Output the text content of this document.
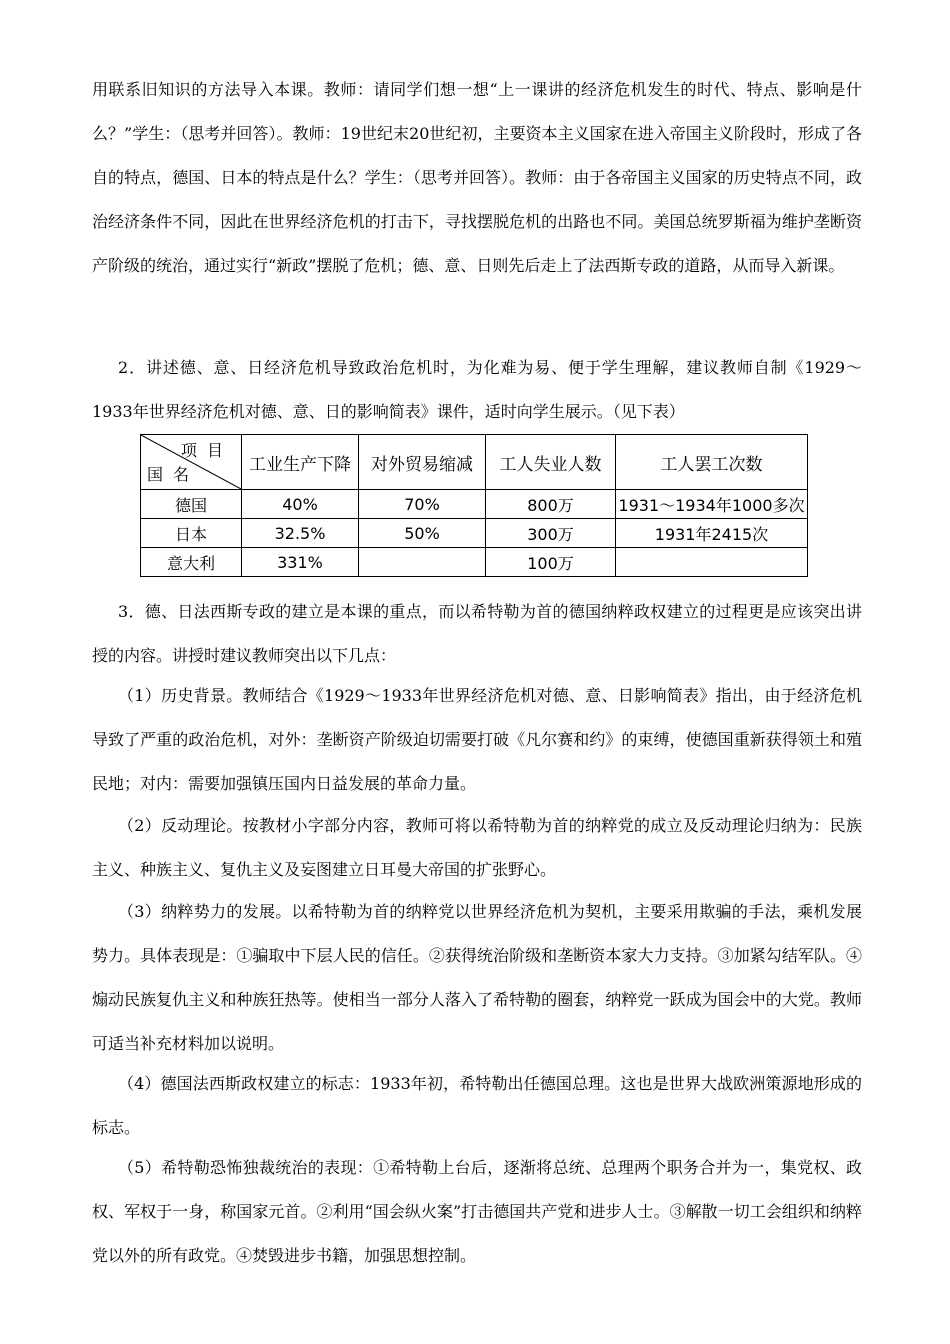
用联系旧知识的方法导入本课。教师：请同学们想一想“上一课讲的经济危机发生的时代、特点、影响是什么？”学生：（思考并回答）。教师：19世纪末20世纪初，主要资本主义国家在进入帝国主义阶段时，形成了各自的特点，德国、日本的特点是什么？学生：（思考并回答）。教师：由于各帝国主义国家的历史特点不同，政治经济条件不同，因此在世界经济危机的打击下，寻找摆脱危机的出路也不同。美国总统罗斯福为维护垄断资产阶级的统治，通过实行“新政”摆脱了危机；德、意、日则先后走上了法西斯专政的道路，从而导入新课。

2．讲述德、意、日经济危机导致政治危机时，为化难为易、便于学生理解，建议教师自制《1929～1933年世界经济危机对德、意、日的影响简表》课件，适时向学生展示。（见下表）

项目
国名	工业生产下降	对外贸易缩减	工人失业人数	工人罢工次数
德国	40%	70%	800万	1931～1934年1000多次
日本	32.5%	50%	300万	1931年2415次
意大利	331%		100万	

3．德、日法西斯专政的建立是本课的重点，而以希特勒为首的德国纳粹政权建立的过程更是应该突出讲授的内容。讲授时建议教师突出以下几点：

（1）历史背景。教师结合《1929～1933年世界经济危机对德、意、日影响简表》指出，由于经济危机导致了严重的政治危机，对外：垄断资产阶级迫切需要打破《凡尔赛和约》的束缚，使德国重新获得领土和殖民地；对内：需要加强镇压国内日益发展的革命力量。

（2）反动理论。按教材小字部分内容，教师可将以希特勒为首的纳粹党的成立及反动理论归纳为：民族主义、种族主义、复仇主义及妄图建立日耳曼大帝国的扩张野心。

（3）纳粹势力的发展。以希特勒为首的纳粹党以世界经济危机为契机，主要采用欺骗的手法，乘机发展势力。具体表现是：①骗取中下层人民的信任。②获得统治阶级和垄断资本家大力支持。③加紧勾结军队。④煽动民族复仇主义和种族狂热等。使相当一部分人落入了希特勒的圈套，纳粹党一跃成为国会中的大党。教师可适当补充材料加以说明。

（4）德国法西斯政权建立的标志：1933年初，希特勒出任德国总理。这也是世界大战欧洲策源地形成的标志。

（5）希特勒恐怖独裁统治的表现：①希特勒上台后，逐渐将总统、总理两个职务合并为一，集党权、政权、军权于一身，称国家元首。②利用“国会纵火案”打击德国共产党和进步人士。③解散一切工会组织和纳粹党以外的所有政党。④焚毁进步书籍，加强思想控制。
